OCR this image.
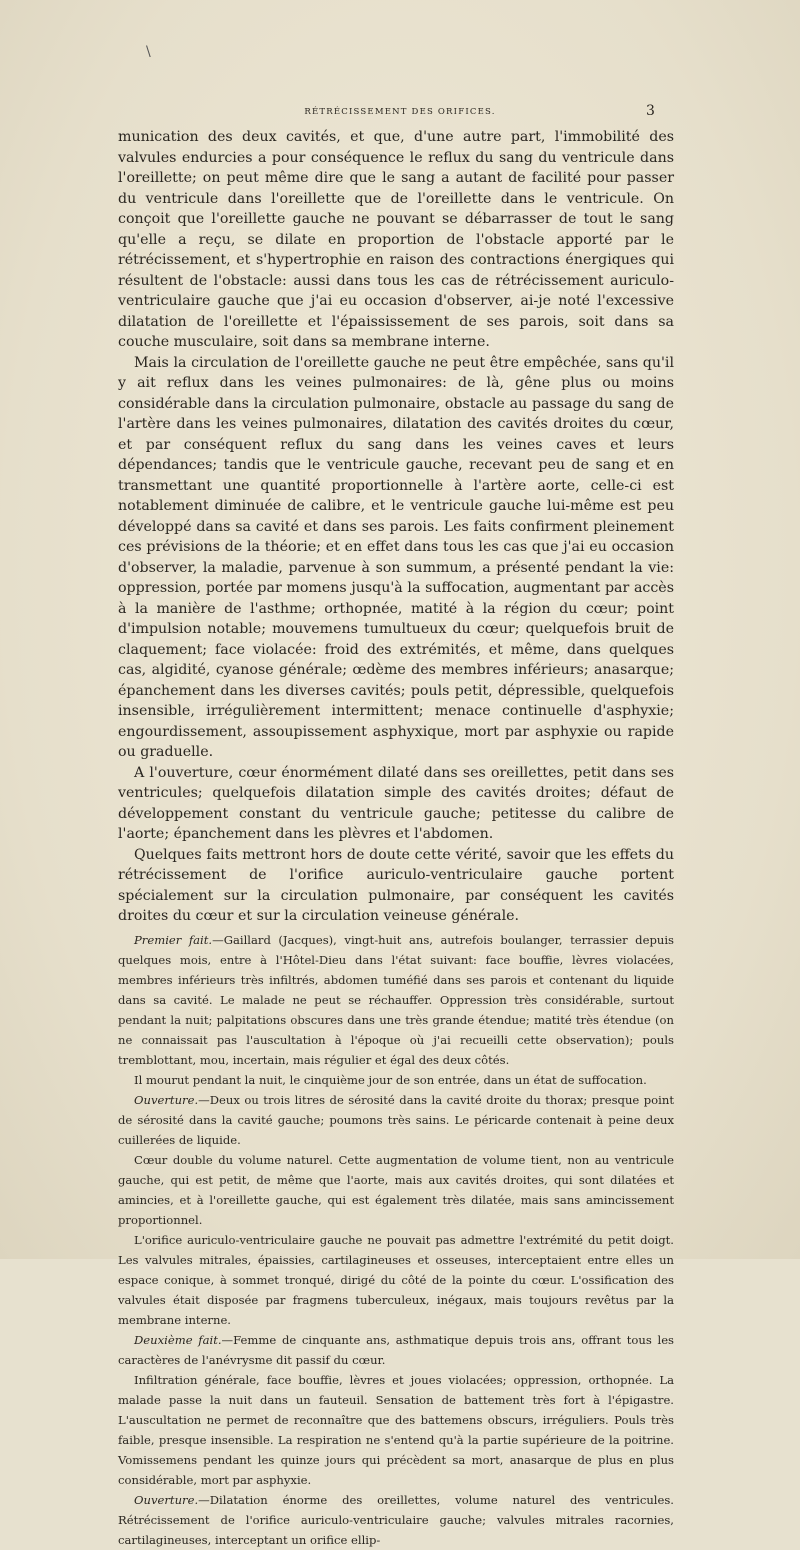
\
RÉTRÉCISSEMENT DES ORIFICES.	3

munication des deux cavités, et que, d'une autre part, l'immobilité des valvules endurcies a pour conséquence le reflux du sang du ventricule dans l'oreillette; on peut même dire que le sang a autant de facilité pour passer du ventricule dans l'oreillette que de l'oreillette dans le ventricule. On conçoit que l'oreillette gauche ne pouvant se débarrasser de tout le sang qu'elle a reçu, se dilate en proportion de l'obstacle apporté par le rétrécissement, et s'hypertrophie en raison des contractions énergiques qui résultent de l'obstacle: aussi dans tous les cas de rétrécissement auriculo-ventriculaire gauche que j'ai eu occasion d'observer, ai-je noté l'excessive dilatation de l'oreillette et l'épaississement de ses parois, soit dans sa couche musculaire, soit dans sa membrane interne.

Mais la circulation de l'oreillette gauche ne peut être empêchée, sans qu'il y ait reflux dans les veines pulmonaires: de là, gêne plus ou moins considérable dans la circulation pulmonaire, obstacle au passage du sang de l'artère dans les veines pulmonaires, dilatation des cavités droites du cœur, et par conséquent reflux du sang dans les veines caves et leurs dépendances; tandis que le ventricule gauche, recevant peu de sang et en transmettant une quantité proportionnelle à l'artère aorte, celle-ci est notablement diminuée de calibre, et le ventricule gauche lui-même est peu développé dans sa cavité et dans ses parois. Les faits confirment pleinement ces prévisions de la théorie; et en effet dans tous les cas que j'ai eu occasion d'observer, la maladie, parvenue à son summum, a présenté pendant la vie: oppression, portée par momens jusqu'à la suffocation, augmentant par accès à la manière de l'asthme; orthopnée, matité à la région du cœur; point d'impulsion notable; mouvemens tumultueux du cœur; quelquefois bruit de claquement; face violacée: froid des extrémités, et même, dans quelques cas, algidité, cyanose générale; œdème des membres inférieurs; anasarque; épanchement dans les diverses cavités; pouls petit, dépressible, quelquefois insensible, irrégulièrement intermittent; menace continuelle d'asphyxie; engourdissement, assoupissement asphyxique, mort par asphyxie ou rapide ou graduelle.

A l'ouverture, cœur énormément dilaté dans ses oreillettes, petit dans ses ventricules; quelquefois dilatation simple des cavités droites; défaut de développement constant du ventricule gauche; petitesse du calibre de l'aorte; épanchement dans les plèvres et l'abdomen.

Quelques faits mettront hors de doute cette vérité, savoir que les effets du rétrécissement de l'orifice auriculo-ventriculaire gauche portent spécialement sur la circulation pulmonaire, par conséquent les cavités droites du cœur et sur la circulation veineuse générale.

Premier fait.—Gaillard (Jacques), vingt-huit ans, autrefois boulanger, terrassier depuis quelques mois, entre à l'Hôtel-Dieu dans l'état suivant: face bouffie, lèvres violacées, membres inférieurs très infiltrés, abdomen tuméfié dans ses parois et contenant du liquide dans sa cavité. Le malade ne peut se réchauffer. Oppression très considérable, surtout pendant la nuit; palpitations obscures dans une très grande étendue; matité très étendue (on ne connaissait pas l'auscultation à l'époque où j'ai recueilli cette observation); pouls tremblottant, mou, incertain, mais régulier et égal des deux côtés.

Il mourut pendant la nuit, le cinquième jour de son entrée, dans un état de suffocation.

Ouverture.—Deux ou trois litres de sérosité dans la cavité droite du thorax; presque point de sérosité dans la cavité gauche; poumons très sains. Le péricarde contenait à peine deux cuillerées de liquide.

Cœur double du volume naturel. Cette augmentation de volume tient, non au ventricule gauche, qui est petit, de même que l'aorte, mais aux cavités droites, qui sont dilatées et amincies, et à l'oreillette gauche, qui est également très dilatée, mais sans amincissement proportionnel.

L'orifice auriculo-ventriculaire gauche ne pouvait pas admettre l'extrémité du petit doigt. Les valvules mitrales, épaissies, cartilagineuses et osseuses, interceptaient entre elles un espace conique, à sommet tronqué, dirigé du côté de la pointe du cœur. L'ossification des valvules était disposée par fragmens tuberculeux, inégaux, mais toujours revêtus par la membrane interne.

Deuxième fait.—Femme de cinquante ans, asthmatique depuis trois ans, offrant tous les caractères de l'anévrysme dit passif du cœur.

Infiltration générale, face bouffie, lèvres et joues violacées; oppression, orthopnée. La malade passe la nuit dans un fauteuil. Sensation de battement très fort à l'épigastre. L'auscultation ne permet de reconnaître que des battemens obscurs, irréguliers. Pouls très faible, presque insensible. La respiration ne s'entend qu'à la partie supérieure de la poitrine. Vomissemens pendant les quinze jours qui précèdent sa mort, anasarque de plus en plus considérable, mort par asphyxie.

Ouverture.—Dilatation énorme des oreillettes, volume naturel des ventricules. Rétrécissement de l'orifice auriculo-ventriculaire gauche; valvules mitrales racornies, cartilagineuses, interceptant un orifice ellip-
